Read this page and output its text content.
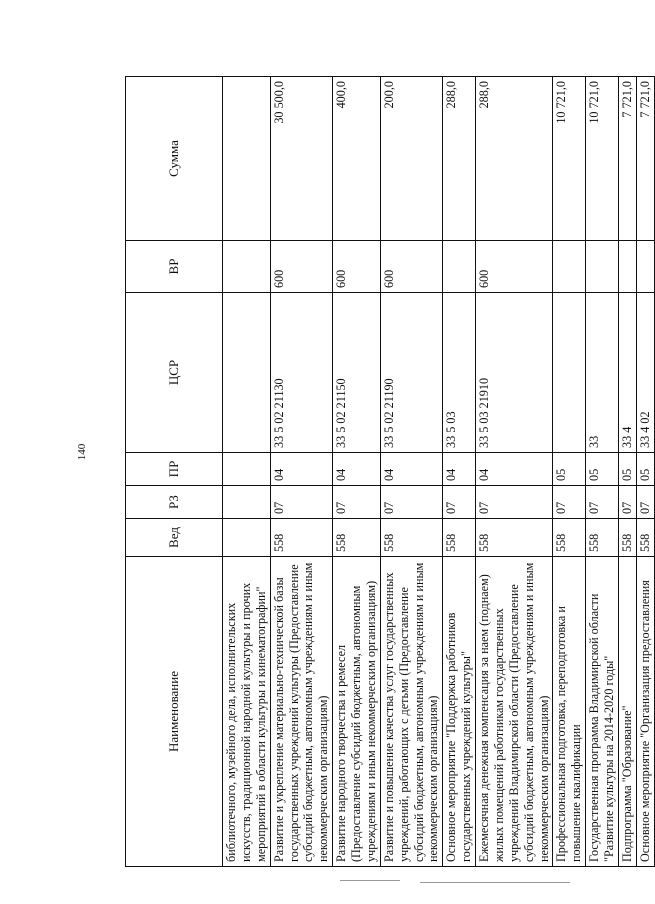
140
Наименование	Вед	РЗ	ПР	ЦСР	ВР	Сумма
библиотечного, музейного дела, исполнительских искусств, традиционной народной культуры и прочих мероприятий в области культуры и кинематографии"						
Развитие и укрепление материально-технической базы государственных учреждений культуры (Предоставление субсидий бюджетным, автономным учреждениям и иным некоммерческим организациям)	558	07	04	33 5 02 21130	600	30 500,0
Развитие народного творчества и ремесел (Предоставление субсидий бюджетным, автономным учреждениям и иным некоммерческим организациям)	558	07	04	33 5 02 21150	600	400,0
Развитие и повышение качества услуг государственных учреждений, работающих с детьми (Предоставление субсидий бюджетным, автономным учреждениям и иным некоммерческим организациям)	558	07	04	33 5 02 21190	600	200,0
Основное мероприятие "Поддержка работников государственных учреждений культуры"	558	07	04	33 5 03		288,0
Ежемесячная денежная компенсация за наем (поднаем) жилых помещений работникам государственных учреждений Владимирской области (Предоставление субсидий бюджетным, автономным учреждениям и иным некоммерческим организациям)	558	07	04	33 5 03 21910	600	288,0
Профессиональная подготовка, переподготовка и повышение квалификации	558	07	05			10 721,0
Государственная программа Владимирской области "Развитие культуры на 2014-2020 годы"	558	07	05	33		10 721,0
Подпрограмма "Образование"	558	07	05	33 4		7 721,0
Основное мероприятие "Организация предоставления	558	07	05	33 4 02		7 721,0
